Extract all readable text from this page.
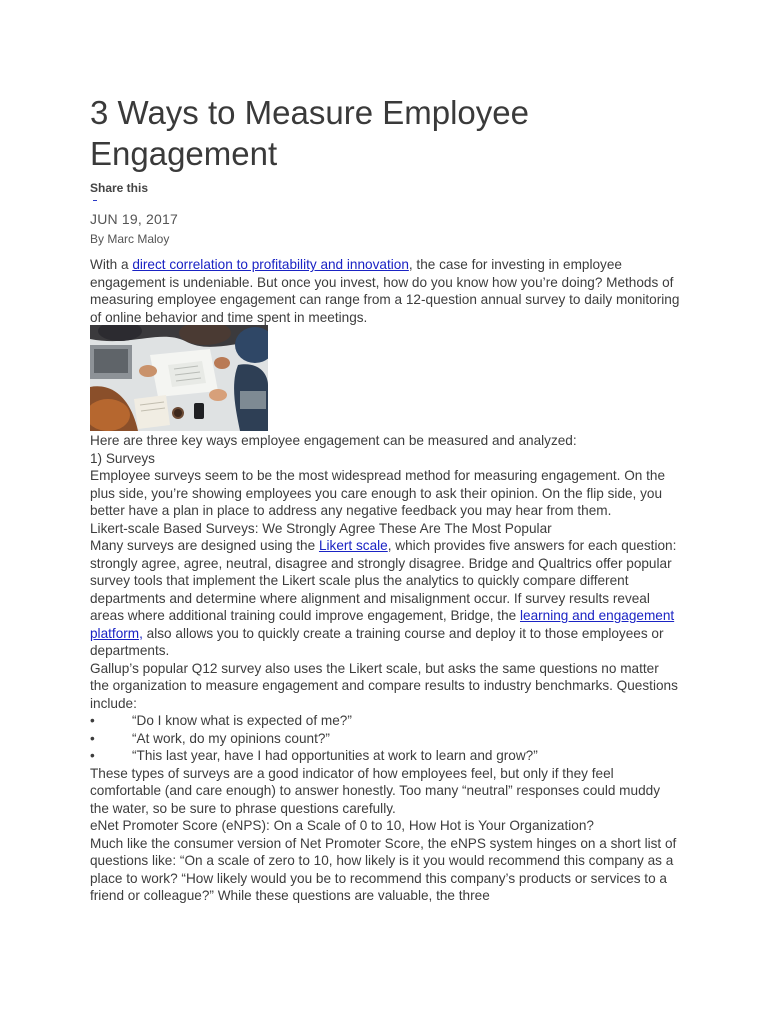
3 Ways to Measure Employee Engagement
Share this
JUN 19, 2017
By Marc Maloy

With a direct correlation to profitability and innovation, the case for investing in employee engagement is undeniable. But once you invest, how do you know how you’re doing? Methods of measuring employee engagement can range from a 12-question annual survey to daily monitoring of online behavior and time spent in meetings.

Here are three key ways employee engagement can be measured and analyzed:

1) Surveys

Employee surveys seem to be the most widespread method for measuring engagement. On the plus side, you’re showing employees you care enough to ask their opinion. On the flip side, you better have a plan in place to address any negative feedback you may hear from them.

Likert-scale Based Surveys: We Strongly Agree These Are The Most Popular

Many surveys are designed using the Likert scale, which provides five answers for each question: strongly agree, agree, neutral, disagree and strongly disagree. Bridge and Qualtrics offer popular survey tools that implement the Likert scale plus the analytics to quickly compare different departments and determine where alignment and misalignment occur. If survey results reveal areas where additional training could improve engagement, Bridge, the learning and engagement platform, also allows you to quickly create a training course and deploy it to those employees or departments.

Gallup’s popular Q12 survey also uses the Likert scale, but asks the same questions no matter the organization to measure engagement and compare results to industry benchmarks. Questions include:

•	“Do I know what is expected of me?”
•	“At work, do my opinions count?”
•	“This last year, have I had opportunities at work to learn and grow?”

These types of surveys are a good indicator of how employees feel, but only if they feel comfortable (and care enough) to answer honestly. Too many “neutral” responses could muddy the water, so be sure to phrase questions carefully.

eNet Promoter Score (eNPS): On a Scale of 0 to 10, How Hot is Your Organization?

Much like the consumer version of Net Promoter Score, the eNPS system hinges on a short list of questions like: “On a scale of zero to 10, how likely is it you would recommend this company as a place to work? “How likely would you be to recommend this company’s products or services to a friend or colleague?” While these questions are valuable, the three
